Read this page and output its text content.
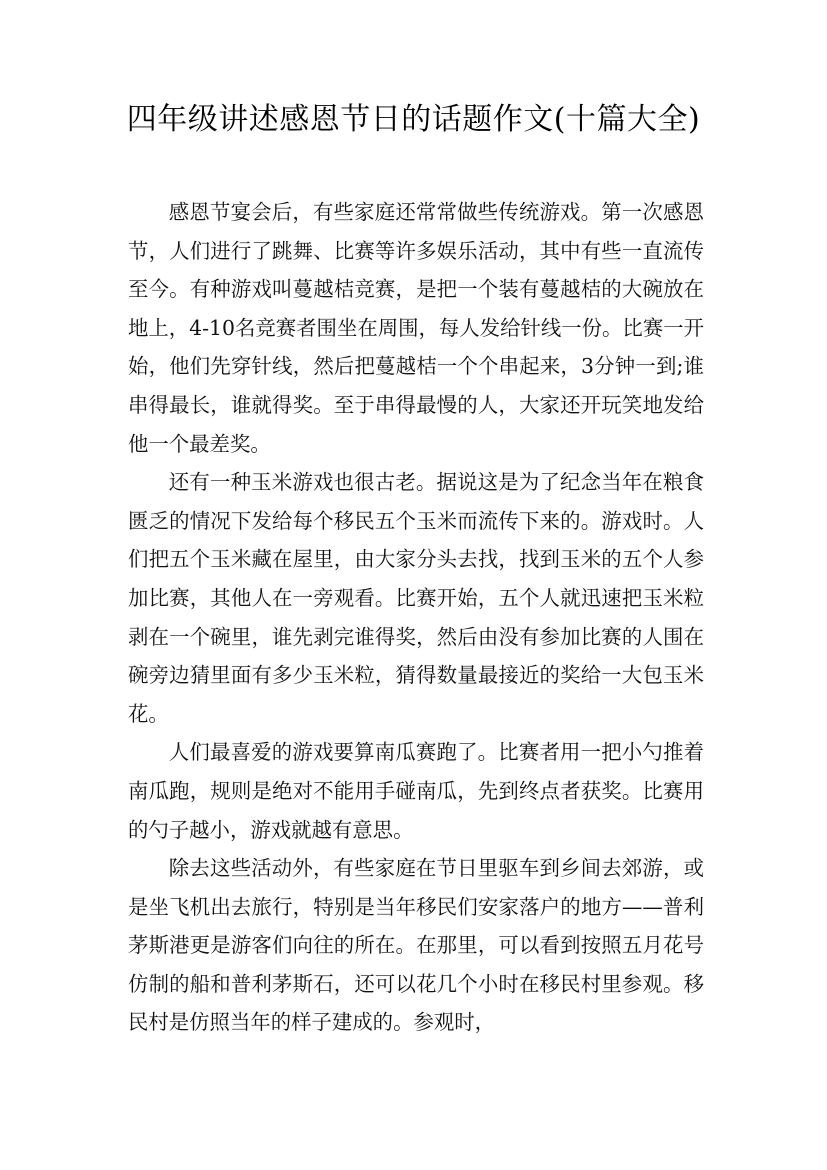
四年级讲述感恩节日的话题作文(十篇大全)

感恩节宴会后，有些家庭还常常做些传统游戏。第一次感恩节，人们进行了跳舞、比赛等许多娱乐活动，其中有些一直流传至今。有种游戏叫蔓越桔竞赛，是把一个装有蔓越桔的大碗放在地上，4-10名竞赛者围坐在周围，每人发给针线一份。比赛一开始，他们先穿针线，然后把蔓越桔一个个串起来，3分钟一到;谁串得最长，谁就得奖。至于串得最慢的人，大家还开玩笑地发给他一个最差奖。

还有一种玉米游戏也很古老。据说这是为了纪念当年在粮食匮乏的情况下发给每个移民五个玉米而流传下来的。游戏时。人们把五个玉米藏在屋里，由大家分头去找，找到玉米的五个人参加比赛，其他人在一旁观看。比赛开始，五个人就迅速把玉米粒剥在一个碗里，谁先剥完谁得奖，然后由没有参加比赛的人围在碗旁边猜里面有多少玉米粒，猜得数量最接近的奖给一大包玉米花。

人们最喜爱的游戏要算南瓜赛跑了。比赛者用一把小勺推着南瓜跑，规则是绝对不能用手碰南瓜，先到终点者获奖。比赛用的勺子越小，游戏就越有意思。

除去这些活动外，有些家庭在节日里驱车到乡间去郊游，或是坐飞机出去旅行，特别是当年移民们安家落户的地方——普利茅斯港更是游客们向往的所在。在那里，可以看到按照五月花号仿制的船和普利茅斯石，还可以花几个小时在移民村里参观。移民村是仿照当年的样子建成的。参观时，
